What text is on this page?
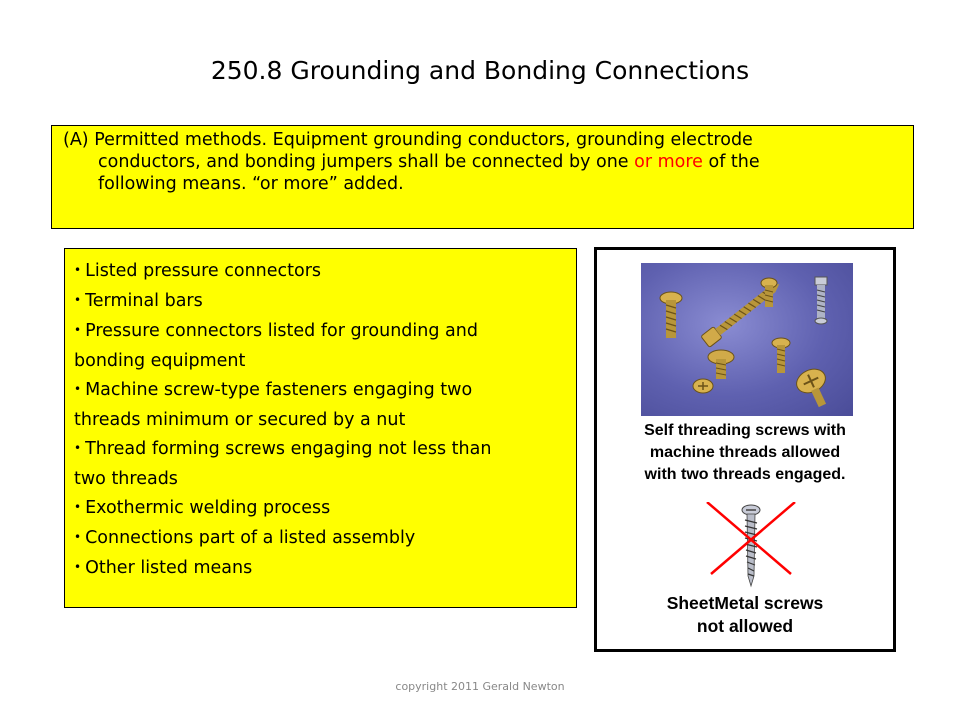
250.8 Grounding and Bonding Connections
(A) Permitted methods. Equipment grounding conductors, grounding electrode
conductors, and bonding jumpers shall be connected by one or more of the
following means. “or more” added.
• Listed pressure connectors
• Terminal bars
• Pressure connectors listed for grounding and
bonding equipment
• Machine screw-type fasteners engaging two
threads minimum or secured by a nut
• Thread forming screws engaging not less than
two threads
• Exothermic welding process
• Connections part of a listed assembly
• Other listed means
Self threading screws with
machine threads allowed
with two threads engaged.
SheetMetal screws
not allowed
copyright 2011 Gerald Newton
